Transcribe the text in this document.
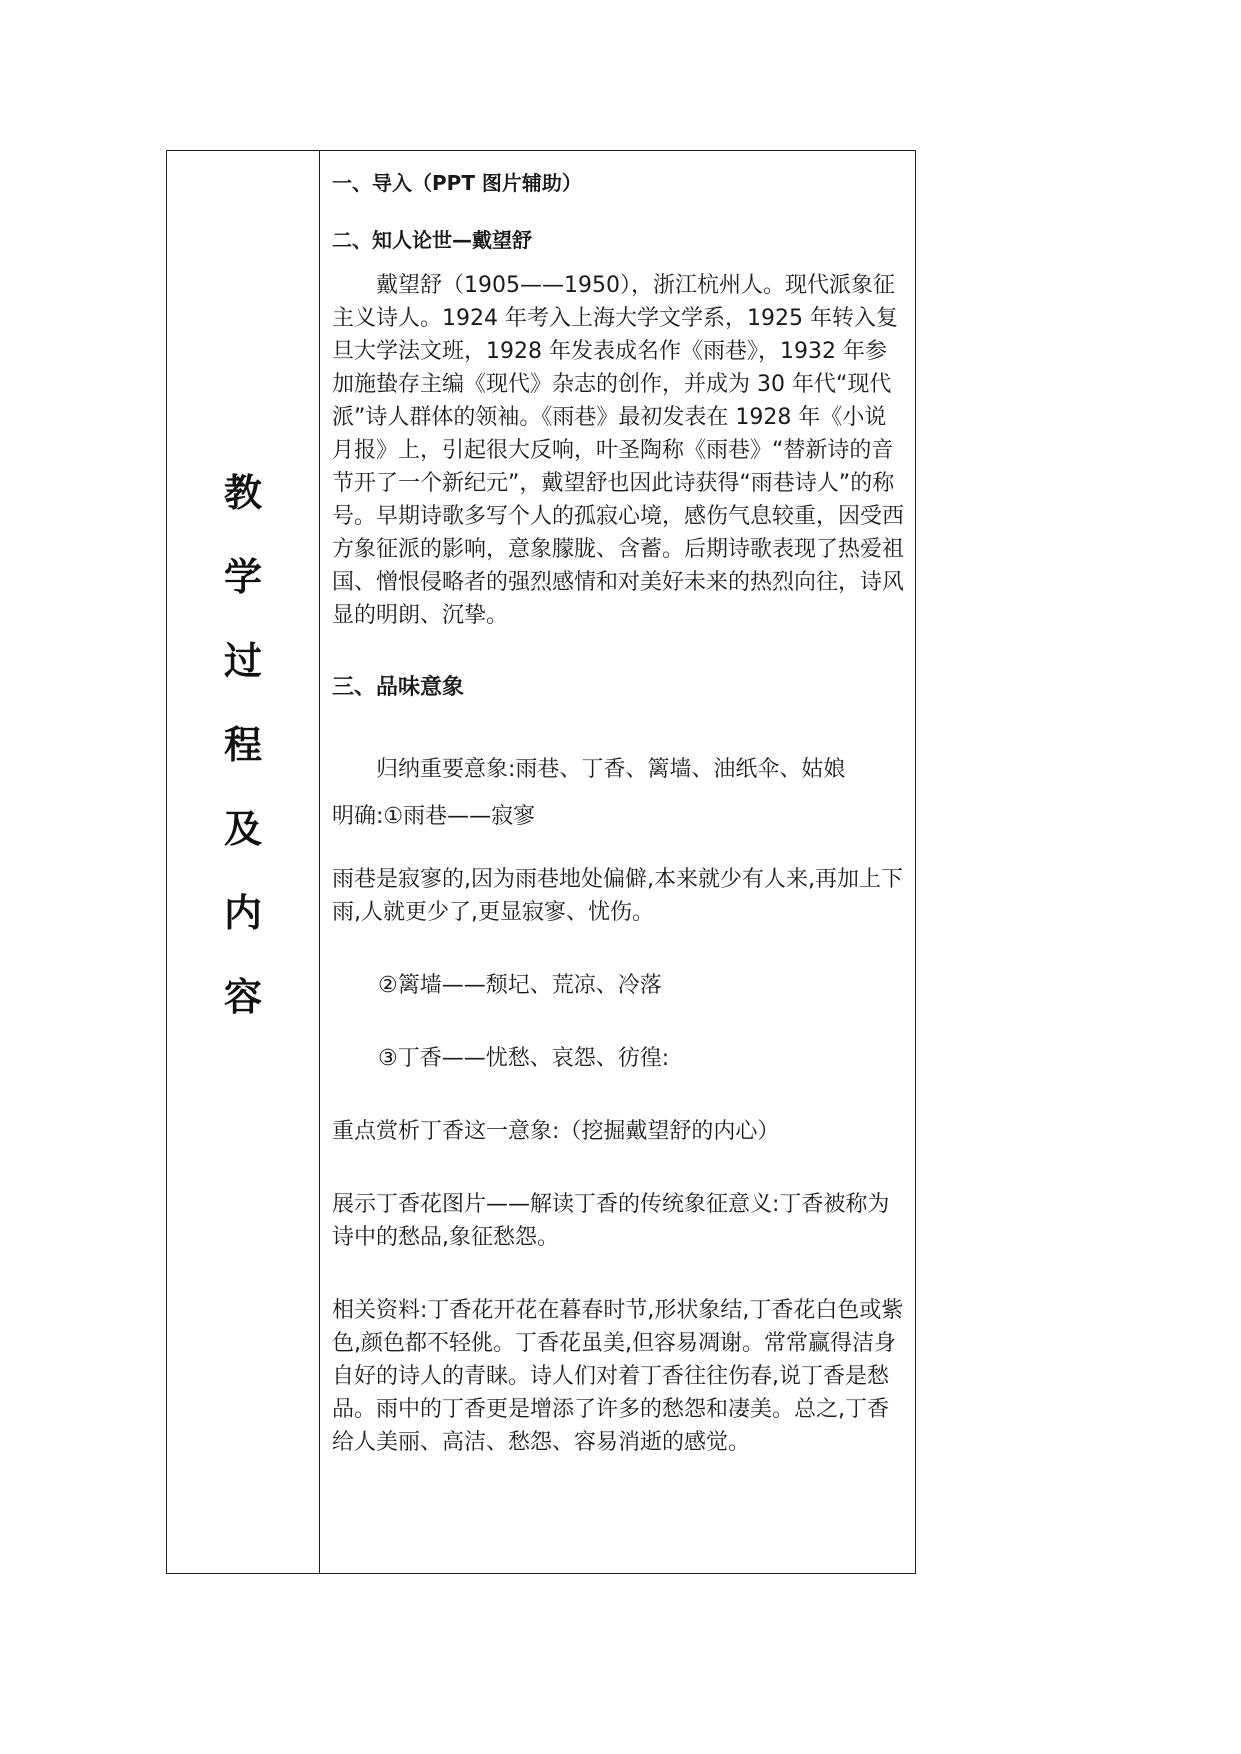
教
学
过
程
及
内
容

一、导入（PPT 图片辅助）

二、知人论世—戴望舒

戴望舒（1905——1950），浙江杭州人。现代派象征主义诗人。1924 年考入上海大学文学系，1925 年转入复旦大学法文班，1928 年发表成名作《雨巷》，1932 年参加施蛰存主编《现代》杂志的创作，并成为 30 年代“现代派”诗人群体的领袖。《雨巷》最初发表在 1928 年《小说月报》上，引起很大反响，叶圣陶称《雨巷》“替新诗的音节开了一个新纪元”，戴望舒也因此诗获得“雨巷诗人”的称号。早期诗歌多写个人的孤寂心境，感伤气息较重，因受西方象征派的影响，意象朦胧、含蓄。后期诗歌表现了热爱祖国、憎恨侵略者的强烈感情和对美好未来的热烈向往，诗风显的明朗、沉挚。

三、品味意象

归纳重要意象:雨巷、丁香、篱墙、油纸伞、姑娘

明确:①雨巷——寂寥

雨巷是寂寥的,因为雨巷地处偏僻,本来就少有人来,再加上下雨,人就更少了,更显寂寥、忧伤。

②篱墙——颓圮、荒凉、冷落

③丁香——忧愁、哀怨、彷徨:

重点赏析丁香这一意象:（挖掘戴望舒的内心）

展示丁香花图片——解读丁香的传统象征意义:丁香被称为诗中的愁品,象征愁怨。

相关资料:丁香花开花在暮春时节,形状象结,丁香花白色或紫色,颜色都不轻佻。丁香花虽美,但容易凋谢。常常赢得洁身自好的诗人的青睐。诗人们对着丁香往往伤春,说丁香是愁品。雨中的丁香更是增添了许多的愁怨和凄美。总之,丁香给人美丽、高洁、愁怨、容易消逝的感觉。
